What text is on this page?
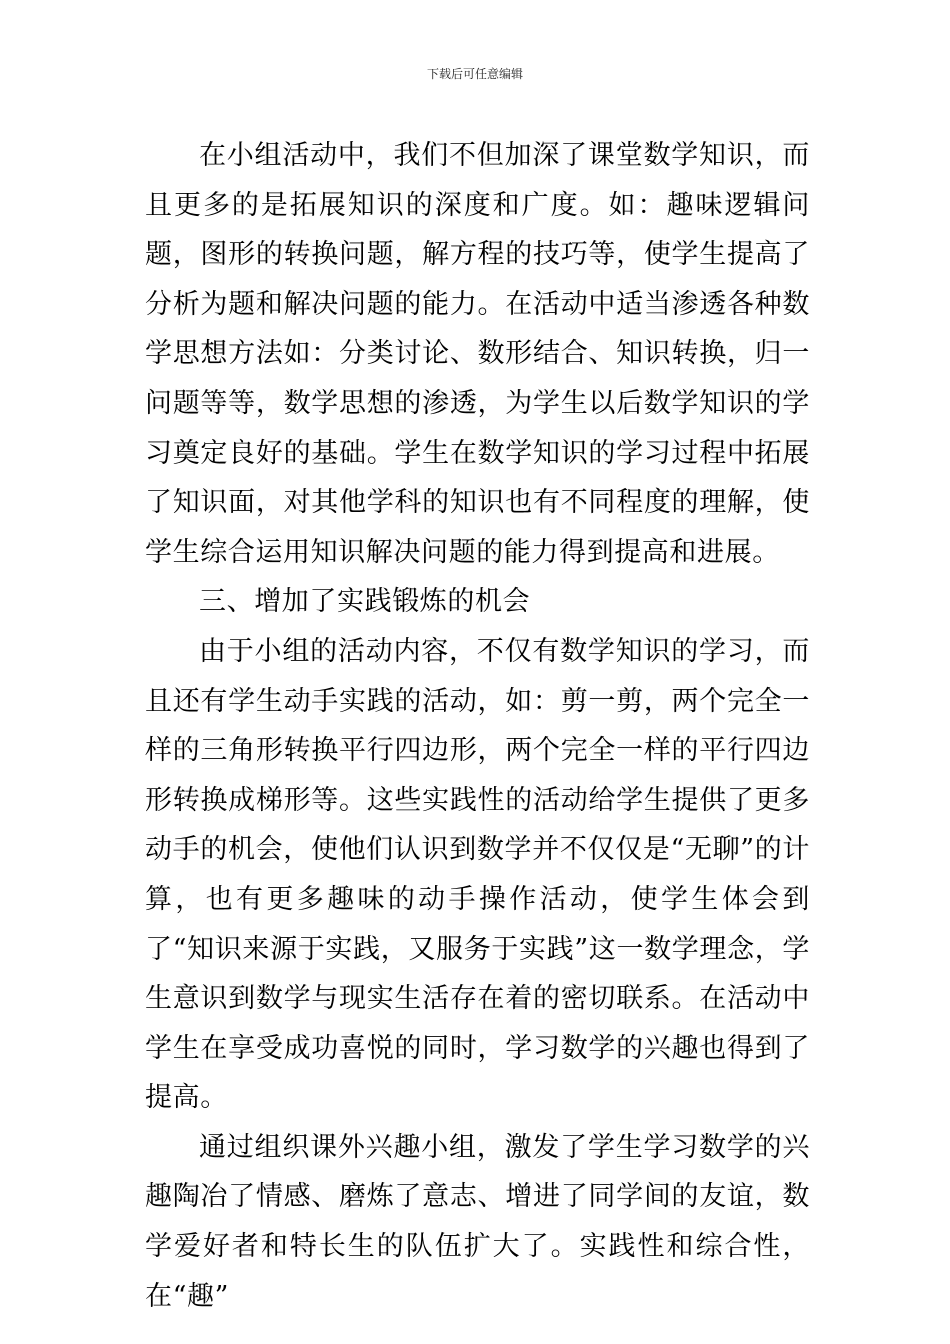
下载后可任意编辑

在小组活动中，我们不但加深了课堂数学知识，而且更多的是拓展知识的深度和广度。如：趣味逻辑问题，图形的转换问题，解方程的技巧等，使学生提高了分析为题和解决问题的能力。在活动中适当渗透各种数学思想方法如：分类讨论、数形结合、知识转换，归一问题等等，数学思想的渗透，为学生以后数学知识的学习奠定良好的基础。学生在数学知识的学习过程中拓展了知识面，对其他学科的知识也有不同程度的理解，使学生综合运用知识解决问题的能力得到提高和进展。

三、增加了实践锻炼的机会

由于小组的活动内容，不仅有数学知识的学习，而且还有学生动手实践的活动，如：剪一剪，两个完全一样的三角形转换平行四边形，两个完全一样的平行四边形转换成梯形等。这些实践性的活动给学生提供了更多动手的机会，使他们认识到数学并不仅仅是“无聊”的计算，也有更多趣味的动手操作活动，使学生体会到了“知识来源于实践，又服务于实践”这一数学理念，学生意识到数学与现实生活存在着的密切联系。在活动中学生在享受成功喜悦的同时，学习数学的兴趣也得到了提高。

通过组织课外兴趣小组，激发了学生学习数学的兴趣陶冶了情感、磨炼了意志、增进了同学间的友谊，数学爱好者和特长生的队伍扩大了。实践性和综合性，在“趣”
